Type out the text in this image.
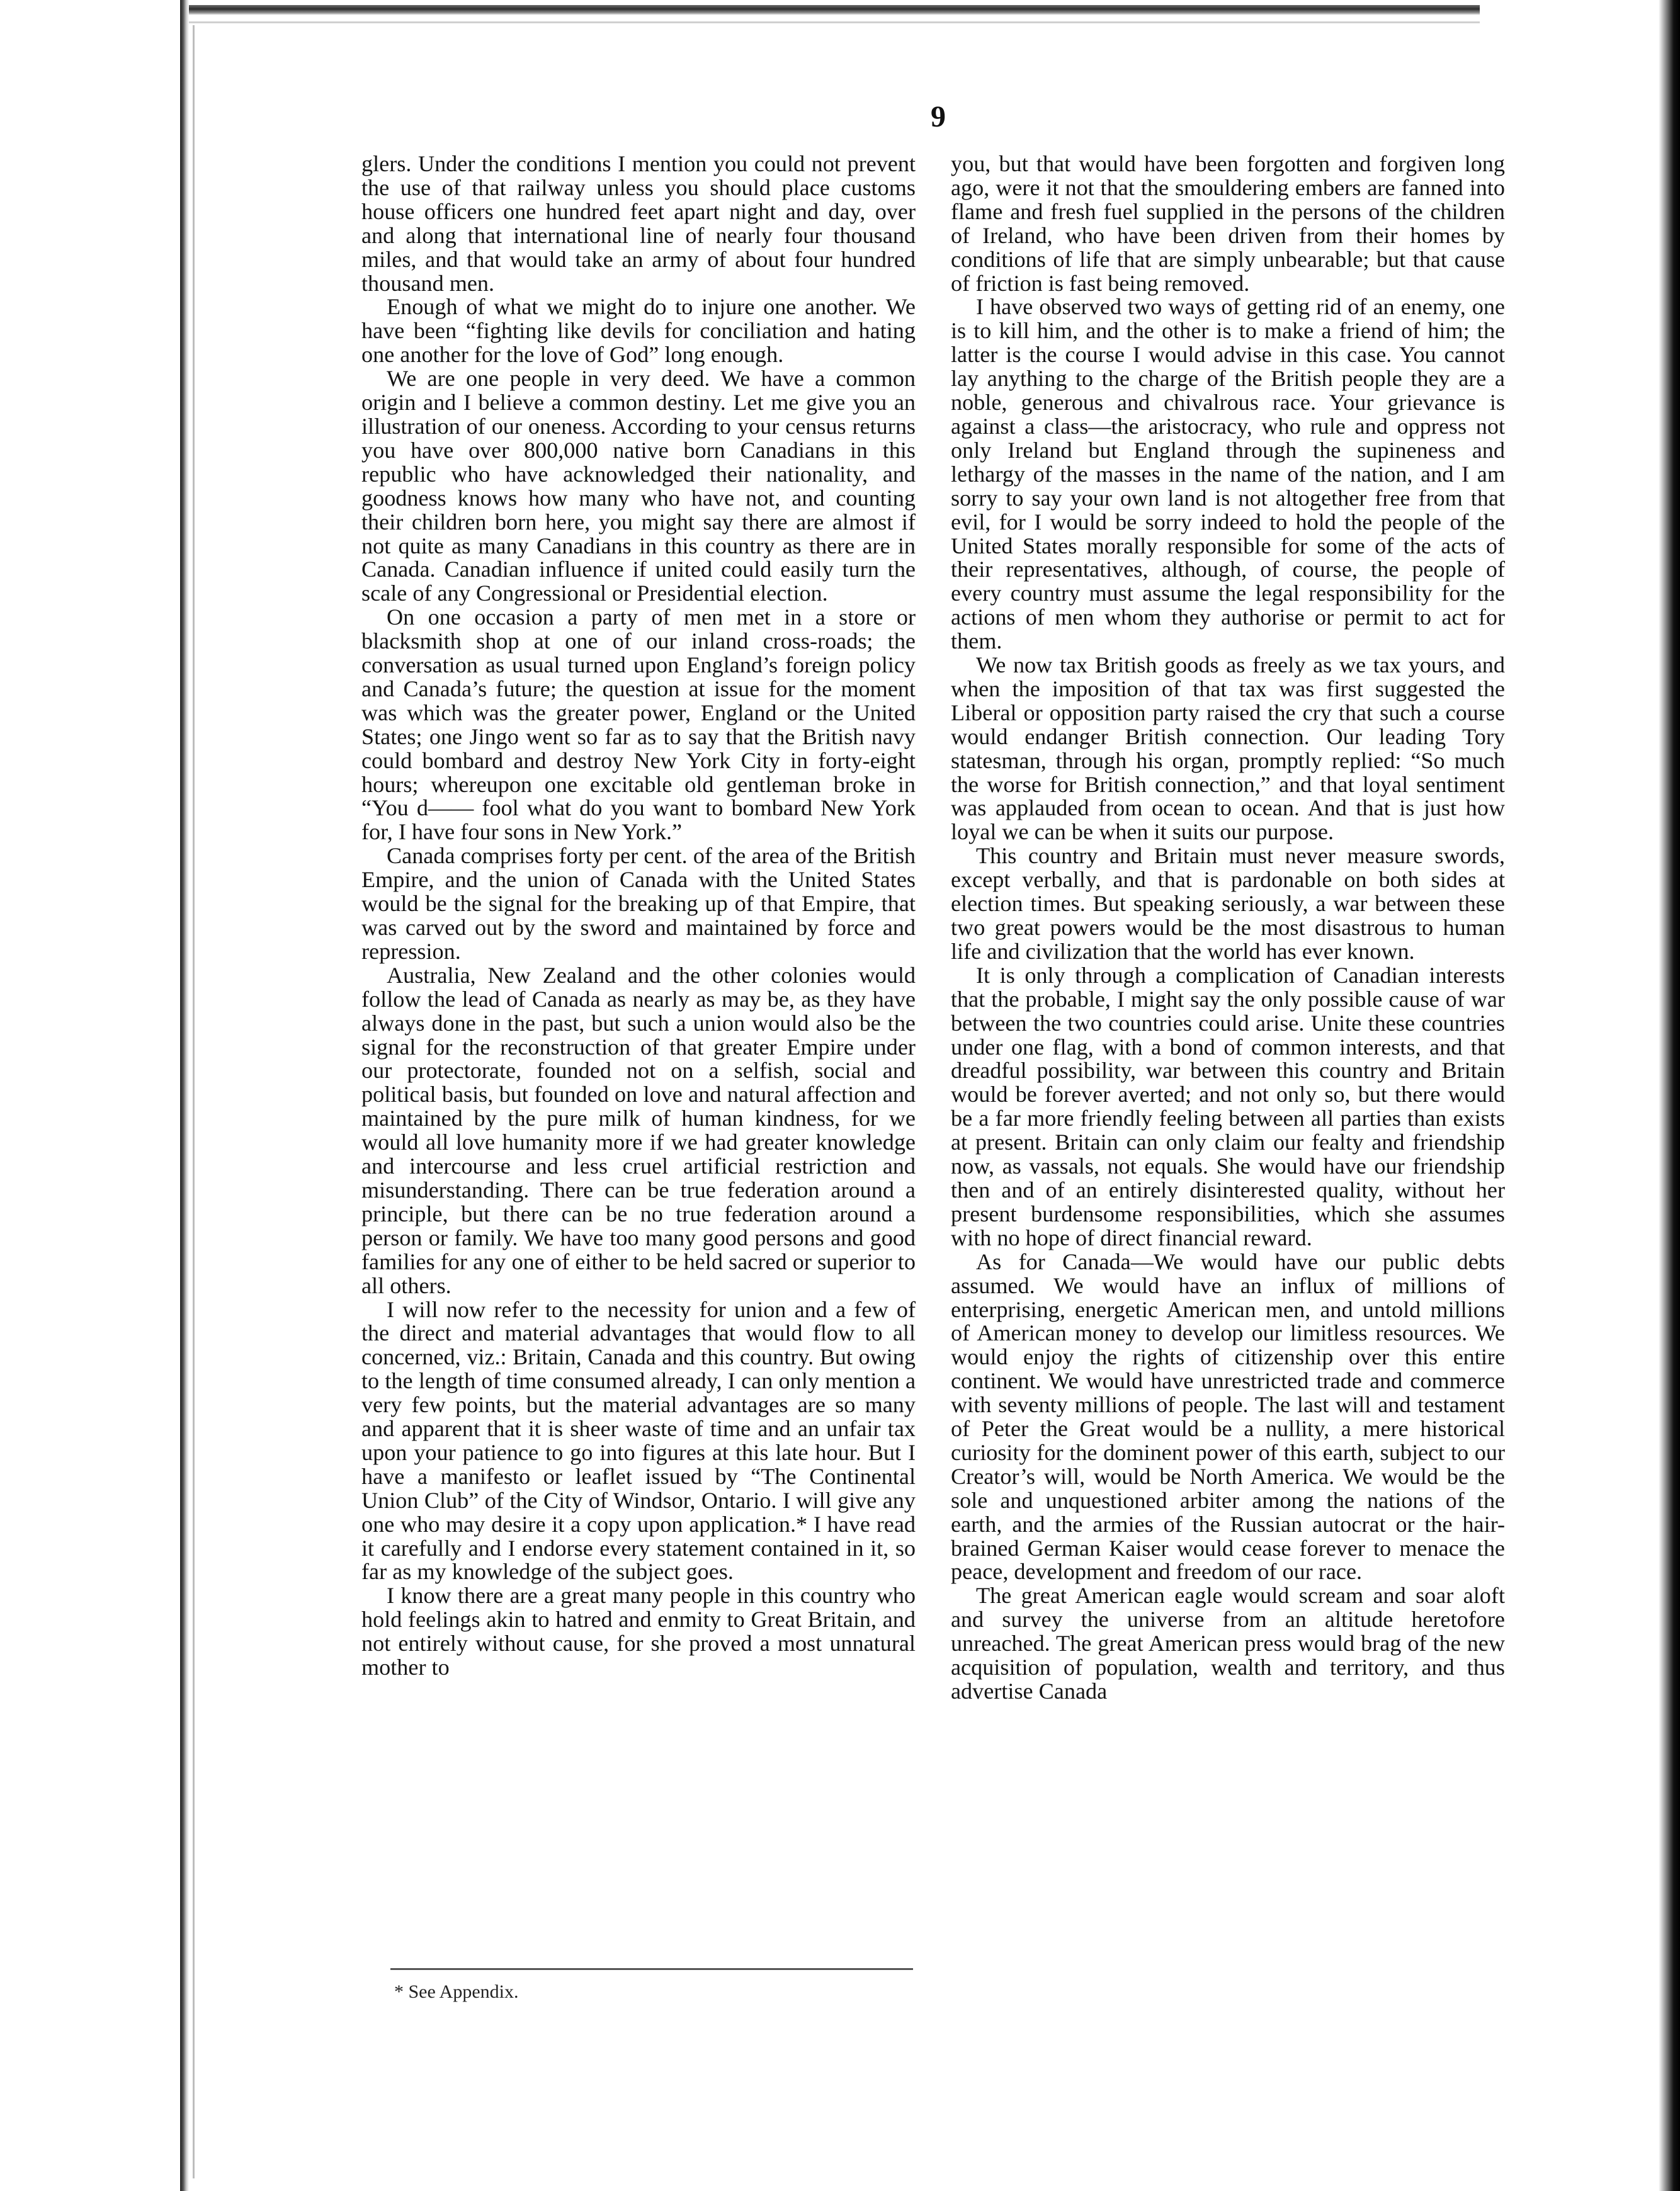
9

glers. Under the conditions I mention you could not prevent the use of that railway unless you should place customs house officers one hundred feet apart night and day, over and along that international line of nearly four thousand miles, and that would take an army of about four hundred thousand men.

Enough of what we might do to injure one another. We have been “fighting like devils for conciliation and hating one another for the love of God” long enough.

We are one people in very deed. We have a common origin and I believe a common destiny. Let me give you an illustration of our oneness. According to your census returns you have over 800,000 native born Canadians in this republic who have acknowledged their nationality, and goodness knows how many who have not, and counting their children born here, you might say there are almost if not quite as many Canadians in this country as there are in Canada. Canadian influence if united could easily turn the scale of any Congressional or Presidential election.

On one occasion a party of men met in a store or blacksmith shop at one of our inland cross-roads; the conversation as usual turned upon England’s foreign policy and Canada’s future; the question at issue for the moment was which was the greater power, England or the United States; one Jingo went so far as to say that the British navy could bombard and destroy New York City in forty-eight hours; whereupon one excitable old gentleman broke in “You d—— fool what do you want to bombard New York for, I have four sons in New York.”

Canada comprises forty per cent. of the area of the British Empire, and the union of Canada with the United States would be the signal for the breaking up of that Empire, that was carved out by the sword and maintained by force and repression.

Australia, New Zealand and the other colonies would follow the lead of Canada as nearly as may be, as they have always done in the past, but such a union would also be the signal for the reconstruction of that greater Empire under our protectorate, founded not on a selfish, social and political basis, but founded on love and natural affection and maintained by the pure milk of human kindness, for we would all love humanity more if we had greater knowledge and intercourse and less cruel artificial restriction and misunderstanding. There can be true federation around a principle, but there can be no true federation around a person or family. We have too many good persons and good families for any one of either to be held sacred or superior to all others.

I will now refer to the necessity for union and a few of the direct and material advantages that would flow to all concerned, viz.: Britain, Canada and this country. But owing to the length of time consumed already, I can only mention a very few points, but the material advantages are so many and apparent that it is sheer waste of time and an unfair tax upon your patience to go into figures at this late hour. But I have a manifesto or leaflet issued by “The Continental Union Club” of the City of Windsor, Ontario. I will give any one who may desire it a copy upon application.* I have read it carefully and I endorse every statement contained in it, so far as my knowledge of the subject goes.

I know there are a great many people in this country who hold feelings akin to hatred and enmity to Great Britain, and not entirely without cause, for she proved a most unnatural mother to

you, but that would have been forgotten and forgiven long ago, were it not that the smouldering embers are fanned into flame and fresh fuel supplied in the persons of the children of Ireland, who have been driven from their homes by conditions of life that are simply unbearable; but that cause of friction is fast being removed.

I have observed two ways of getting rid of an enemy, one is to kill him, and the other is to make a friend of him; the latter is the course I would advise in this case. You cannot lay anything to the charge of the British people they are a noble, generous and chivalrous race. Your grievance is against a class—the aristocracy, who rule and oppress not only Ireland but England through the supineness and lethargy of the masses in the name of the nation, and I am sorry to say your own land is not altogether free from that evil, for I would be sorry indeed to hold the people of the United States morally responsible for some of the acts of their representatives, although, of course, the people of every country must assume the legal responsibility for the actions of men whom they authorise or permit to act for them.

We now tax British goods as freely as we tax yours, and when the imposition of that tax was first suggested the Liberal or opposition party raised the cry that such a course would endanger British connection. Our leading Tory statesman, through his organ, promptly replied: “So much the worse for British connection,” and that loyal sentiment was applauded from ocean to ocean. And that is just how loyal we can be when it suits our purpose.

This country and Britain must never measure swords, except verbally, and that is pardonable on both sides at election times. But speaking seriously, a war between these two great powers would be the most disastrous to human life and civilization that the world has ever known.

It is only through a complication of Canadian interests that the probable, I might say the only possible cause of war between the two countries could arise. Unite these countries under one flag, with a bond of common interests, and that dreadful possibility, war between this country and Britain would be forever averted; and not only so, but there would be a far more friendly feeling between all parties than exists at present. Britain can only claim our fealty and friendship now, as vassals, not equals. She would have our friendship then and of an entirely disinterested quality, without her present burdensome responsibilities, which she assumes with no hope of direct financial reward.

As for Canada—We would have our public debts assumed. We would have an influx of millions of enterprising, energetic American men, and untold millions of American money to develop our limitless resources. We would enjoy the rights of citizenship over this entire continent. We would have unrestricted trade and commerce with seventy millions of people. The last will and testament of Peter the Great would be a nullity, a mere historical curiosity for the dominent power of this earth, subject to our Creator’s will, would be North America. We would be the sole and unquestioned arbiter among the nations of the earth, and the armies of the Russian autocrat or the hair-brained German Kaiser would cease forever to menace the peace, development and freedom of our race.

The great American eagle would scream and soar aloft and survey the universe from an altitude heretofore unreached. The great American press would brag of the new acquisition of population, wealth and territory, and thus advertise Canada

* See Appendix.
